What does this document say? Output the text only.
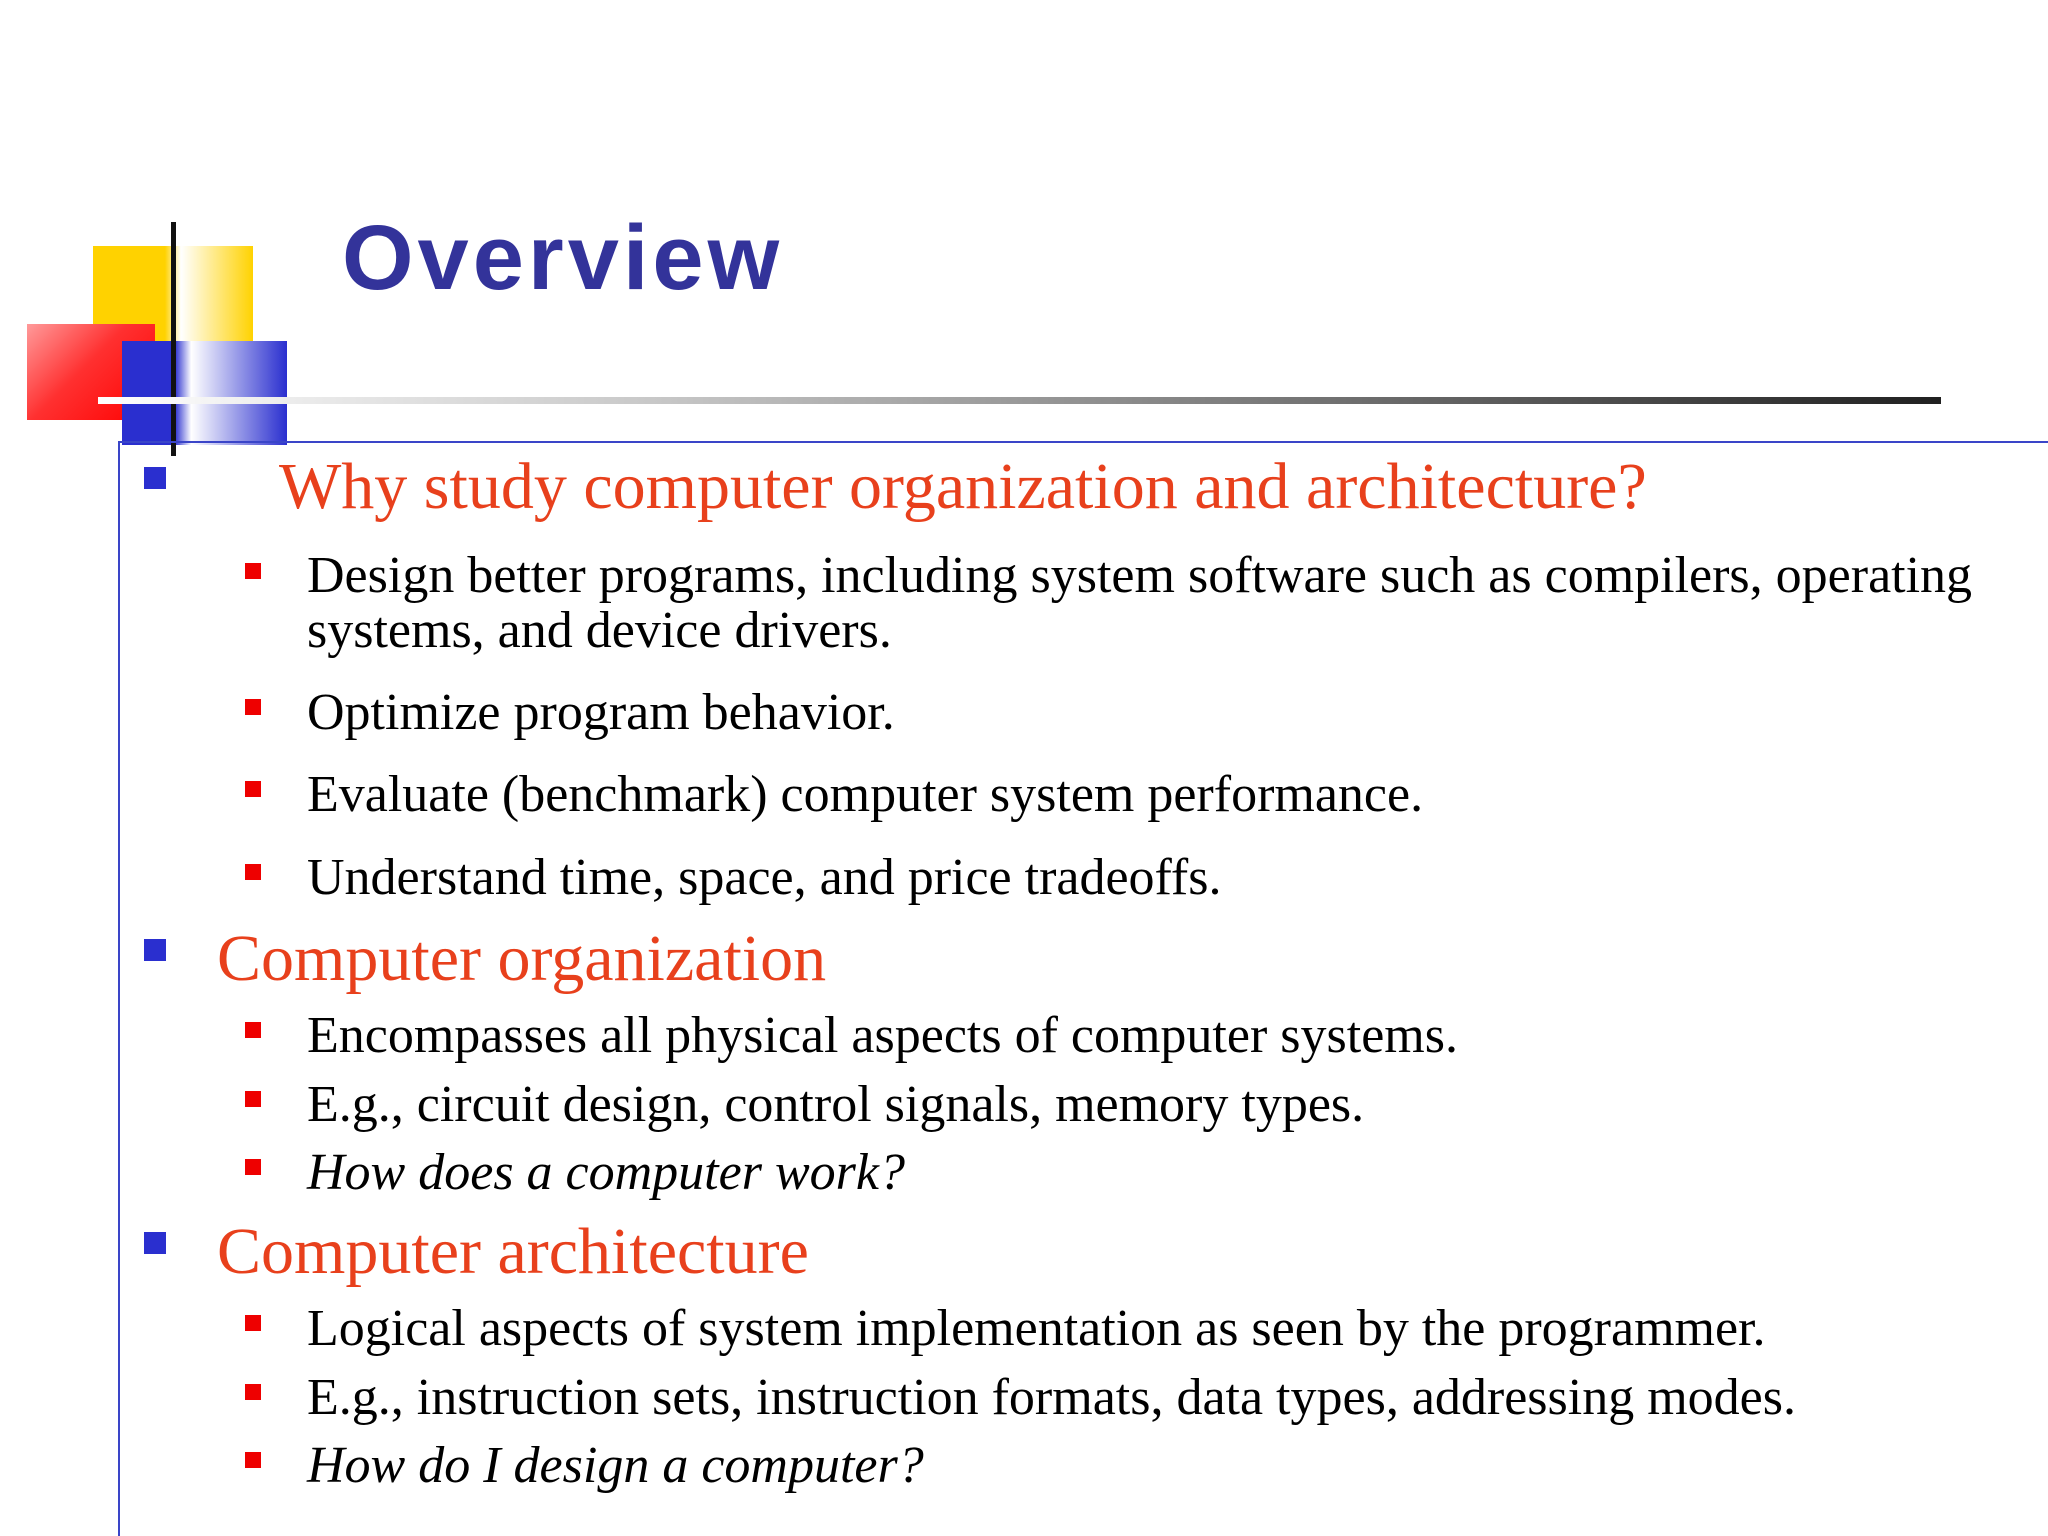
Overview
Why study computer organization and architecture?
Design better programs, including system software such as compilers, operating systems, and device drivers.
Optimize program behavior.
Evaluate (benchmark) computer system performance.
Understand time, space, and price tradeoffs.
Computer organization
Encompasses all physical aspects of computer systems.
E.g., circuit design, control signals, memory types.
How does a computer work?
Computer architecture
Logical aspects of system implementation as seen by the programmer.
E.g., instruction sets, instruction formats, data types, addressing modes.
How do I design a computer?
